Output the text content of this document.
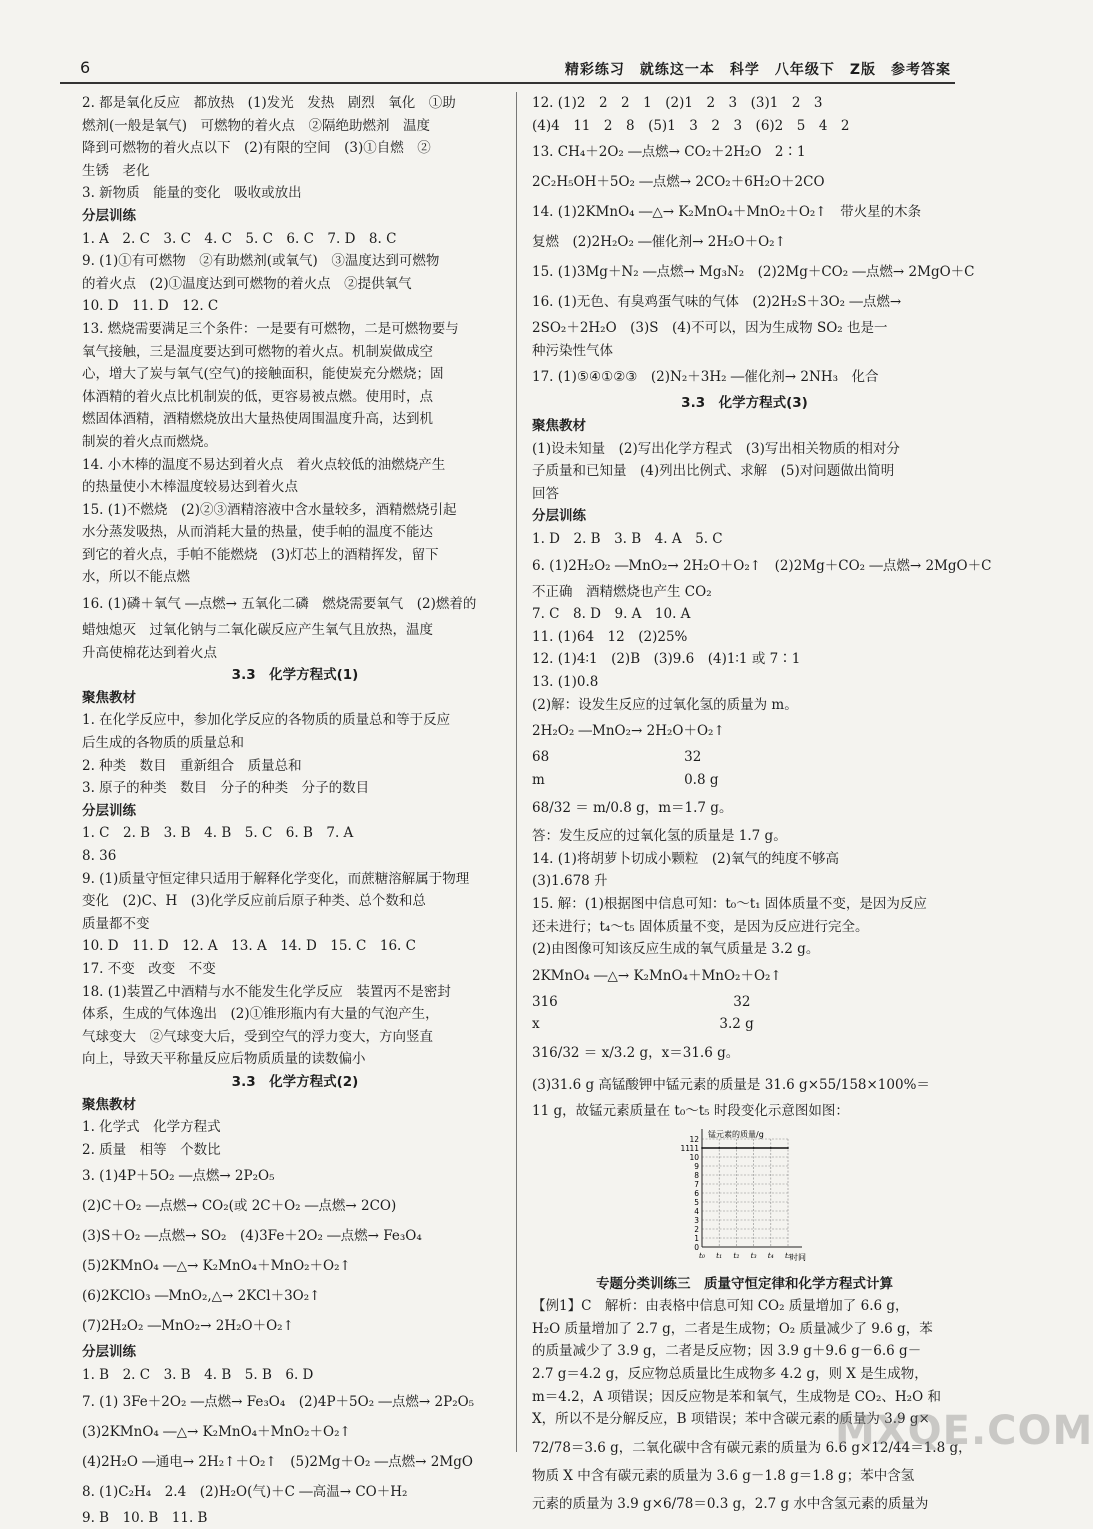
6	精彩练习　就练这一本　科学　八年级下　Z版　参考答案
2. 都是氧化反应　都放热　(1)发光　发热　剧烈　氧化　①助
燃剂(一般是氧气)　可燃物的着火点　②隔绝助燃剂　温度
降到可燃物的着火点以下　(2)有限的空间　(3)①自燃　②
生锈　老化
3. 新物质　能量的变化　吸收或放出
分层训练
1. A　2. C　3. C　4. C　5. C　6. C　7. D　8. C
9. (1)①有可燃物　②有助燃剂(或氧气)　③温度达到可燃物
的着火点　(2)①温度达到可燃物的着火点　②提供氧气
10. D　11. D　12. C
13. 燃烧需要满足三个条件：一是要有可燃物，二是可燃物要与
氧气接触，三是温度要达到可燃物的着火点。机制炭做成空
心，增大了炭与氧气(空气)的接触面积，能使炭充分燃烧；固
体酒精的着火点比机制炭的低，更容易被点燃。使用时，点
燃固体酒精，酒精燃烧放出大量热使周围温度升高，达到机
制炭的着火点而燃烧。
14. 小木棒的温度不易达到着火点　着火点较低的油燃烧产生
的热量使小木棒温度较易达到着火点
15. (1)不燃烧　(2)②③酒精溶液中含水量较多，酒精燃烧引起
水分蒸发吸热，从而消耗大量的热量，使手帕的温度不能达
到它的着火点，手帕不能燃烧　(3)灯芯上的酒精挥发，留下
水，所以不能点燃
16. (1)磷＋氧气 ―点燃→ 五氧化二磷　燃烧需要氧气　(2)燃着的
蜡烛熄灭　过氧化钠与二氧化碳反应产生氧气且放热，温度
升高使棉花达到着火点
3.3　化学方程式(1)
聚焦教材
1. 在化学反应中，参加化学反应的各物质的质量总和等于反应
后生成的各物质的质量总和
2. 种类　数目　重新组合　质量总和
3. 原子的种类　数目　分子的种类　分子的数目
分层训练
1. C　2. B　3. B　4. B　5. C　6. B　7. A
8. 36
9. (1)质量守恒定律只适用于解释化学变化，而蔗糖溶解属于物理
变化　(2)C、H　(3)化学反应前后原子种类、总个数和总
质量都不变
10. D　11. D　12. A　13. A　14. D　15. C　16. C
17. 不变　改变　不变
18. (1)装置乙中酒精与水不能发生化学反应　装置丙不是密封
体系，生成的气体逸出　(2)①锥形瓶内有大量的气泡产生，
气球变大　②气球变大后，受到空气的浮力变大，方向竖直
向上，导致天平称量反应后物质质量的读数偏小
3.3　化学方程式(2)
聚焦教材
1. 化学式　化学方程式
2. 质量　相等　个数比
3. (1)4P＋5O₂ ―点燃→ 2P₂O₅
(2)C＋O₂ ―点燃→ CO₂(或 2C＋O₂ ―点燃→ 2CO)
(3)S＋O₂ ―点燃→ SO₂　(4)3Fe＋2O₂ ―点燃→ Fe₃O₄
(5)2KMnO₄ ―△→ K₂MnO₄＋MnO₂＋O₂↑
(6)2KClO₃ ―MnO₂,△→ 2KCl＋3O₂↑
(7)2H₂O₂ ―MnO₂→ 2H₂O＋O₂↑
分层训练
1. B　2. C　3. B　4. B　5. B　6. D
7. (1) 3Fe＋2O₂ ―点燃→ Fe₃O₄　(2)4P＋5O₂ ―点燃→ 2P₂O₅
(3)2KMnO₄ ―△→ K₂MnO₄＋MnO₂＋O₂↑
(4)2H₂O ―通电→ 2H₂↑＋O₂↑　(5)2Mg＋O₂ ―点燃→ 2MgO
8. (1)C₂H₄　2.4　(2)H₂O(气)＋C ―高温→ CO＋H₂
9. B　10. B　11. B
12. (1)2　2　2　1　(2)1　2　3　(3)1　2　3
(4)4　11　2　8　(5)1　3　2　3　(6)2　5　4　2
13. CH₄＋2O₂ ―点燃→ CO₂＋2H₂O　2∶1
2C₂H₅OH＋5O₂ ―点燃→ 2CO₂＋6H₂O＋2CO
14. (1)2KMnO₄ ―△→ K₂MnO₄＋MnO₂＋O₂↑　带火星的木条
复燃　(2)2H₂O₂ ―催化剂→ 2H₂O＋O₂↑
15. (1)3Mg＋N₂ ―点燃→ Mg₃N₂　(2)2Mg＋CO₂ ―点燃→ 2MgO＋C
16. (1)无色、有臭鸡蛋气味的气体　(2)2H₂S＋3O₂ ―点燃→
2SO₂＋2H₂O　(3)S　(4)不可以，因为生成物 SO₂ 也是一
种污染性气体
17. (1)⑤④①②③　(2)N₂＋3H₂ ―催化剂→ 2NH₃　化合
3.3　化学方程式(3)
聚焦教材
(1)设未知量　(2)写出化学方程式　(3)写出相关物质的相对分
子质量和已知量　(4)列出比例式、求解　(5)对问题做出简明
回答
分层训练
1. D　2. B　3. B　4. A　5. C
6. (1)2H₂O₂ ―MnO₂→ 2H₂O＋O₂↑　(2)2Mg＋CO₂ ―点燃→ 2MgO＋C
不正确　酒精燃烧也产生 CO₂
7. C　8. D　9. A　10. A
11. (1)64　12　(2)25%
12. (1)4∶1　(2)B　(3)9.6　(4)1∶1 或 7∶1
13. (1)0.8
(2)解：设发生反应的过氧化氢的质量为 m。
2H₂O₂ ―MnO₂→ 2H₂O＋O₂↑
68　　　　　　　　　　32
m　　　　　　　　　　 0.8 g
68/32 ＝ m/0.8 g，m＝1.7 g。
答：发生反应的过氧化氢的质量是 1.7 g。
14. (1)将胡萝卜切成小颗粒　(2)氧气的纯度不够高
(3)1.678 升
15. 解：(1)根据图中信息可知：t₀～t₁ 固体质量不变，是因为反应
还未进行；t₄～t₅ 固体质量不变，是因为反应进行完全。
(2)由图像可知该反应生成的氧气质量是 3.2 g。
2KMnO₄ ―△→ K₂MnO₄＋MnO₂＋O₂↑
316　　　　　　　　　　　　　32
x　　　　　　　　　　　　　 3.2 g
316/32 ＝ x/3.2 g，x＝31.6 g。
(3)31.6 g 高锰酸钾中锰元素的质量是 31.6 g×55/158×100%＝
11 g，故锰元素质量在 t₀～t₅ 时段变化示意图如图：
12
11
10
9
8
7
6
5
4
3
2
1
0
11
t₀ t₁ t₂ t₃ t₄ t₅
锰元素的质量/g
时间
专题分类训练三　质量守恒定律和化学方程式计算
【例1】C　解析：由表格中信息可知 CO₂ 质量增加了 6.6 g，
H₂O 质量增加了 2.7 g，二者是生成物；O₂ 质量减少了 9.6 g，苯
的质量减少了 3.9 g，二者是反应物；因 3.9 g＋9.6 g－6.6 g－
2.7 g＝4.2 g，反应物总质量比生成物多 4.2 g，则 X 是生成物，
m＝4.2，A 项错误；因反应物是苯和氧气，生成物是 CO₂、H₂O 和
X，所以不是分解反应，B 项错误；苯中含碳元素的质量为 3.9 g×
72/78＝3.6 g，二氧化碳中含有碳元素的质量为 6.6 g×12/44＝1.8 g，
物质 X 中含有碳元素的质量为 3.6 g－1.8 g＝1.8 g；苯中含氢
元素的质量为 3.9 g×6/78＝0.3 g，2.7 g 水中含氢元素的质量为
MXQE.COM
